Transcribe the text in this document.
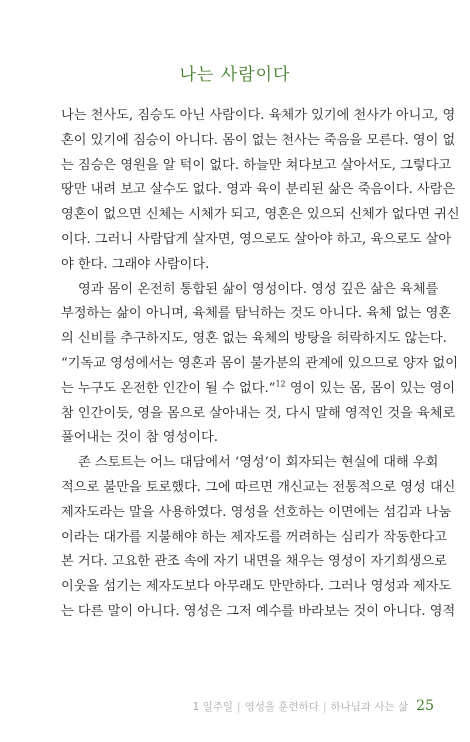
나는 사람이다
나는 천사도, 짐승도 아닌 사람이다. 육체가 있기에 천사가 아니고, 영
혼이 있기에 짐승이 아니다. 몸이 없는 천사는 죽음을 모른다. 영이 없
는 짐승은 영원을 알 턱이 없다. 하늘만 쳐다보고 살아서도, 그렇다고
땅만 내려 보고 살수도 없다. 영과 육이 분리된 삶은 죽음이다. 사람은
영혼이 없으면 신체는 시체가 되고, 영혼은 있으되 신체가 없다면 귀신
이다. 그러니 사람답게 살자면, 영으로도 살아야 하고, 육으로도 살아
야 한다. 그래야 사람이다.
영과 몸이 온전히 통합된 삶이 영성이다. 영성 깊은 삶은 육체를
부정하는 삶이 아니며, 육체를 탐닉하는 것도 아니다. 육체 없는 영혼
의 신비를 추구하지도, 영혼 없는 육체의 방탕을 허락하지도 않는다.
“기독교 영성에서는 영혼과 몸이 불가분의 관계에 있으므로 양자 없이
는 누구도 온전한 인간이 될 수 없다.”$^{12}$ 영이 있는 몸, 몸이 있는 영이
참 인간이듯, 영을 몸으로 살아내는 것, 다시 말해 영적인 것을 육체로
풀어내는 것이 참 영성이다.
존 스토트는 어느 대담에서 ‘영성’이 회자되는 현실에 대해 우회
적으로 불만을 토로했다. 그에 따르면 개신교는 전통적으로 영성 대신
제자도라는 말을 사용하였다. 영성을 선호하는 이면에는 섬김과 나눔
이라는 대가를 지불해야 하는 제자도를 꺼려하는 심리가 작동한다고
본 거다. 고요한 관조 속에 자기 내면을 채우는 영성이 자기희생으로
이웃을 섬기는 제자도보다 아무래도 만만하다. 그러나 영성과 제자도
는 다른 말이 아니다. 영성은 그저 예수를 바라보는 것이 아니다. 영적
1 일주일 | 영성을 훈련하다 | 하나님과 사는 삶 25
